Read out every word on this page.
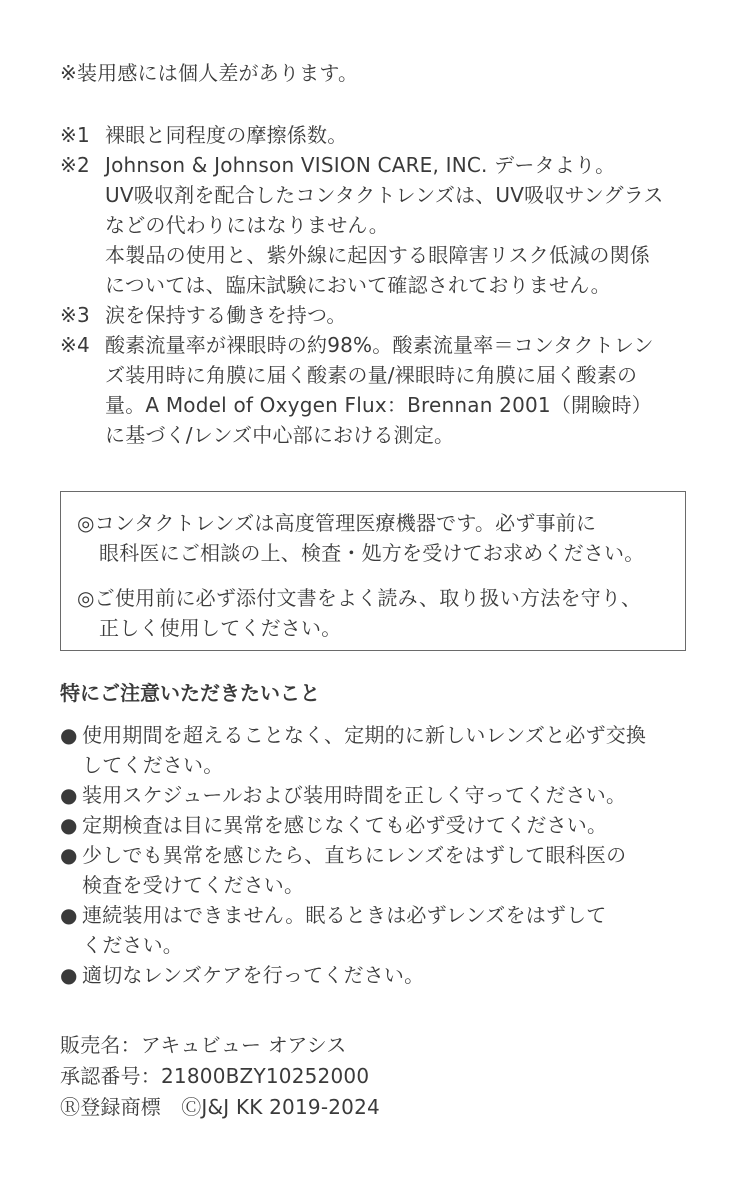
※装用感には個人差があります。
※1 裸眼と同程度の摩擦係数。
※2 Johnson & Johnson VISION CARE, INC. データより。
UV吸収剤を配合したコンタクトレンズは、UV吸収サングラス
などの代わりにはなりません。
本製品の使用と、紫外線に起因する眼障害リスク低減の関係
については、臨床試験において確認されておりません。
※3 涙を保持する働きを持つ。
※4 酸素流量率が裸眼時の約98%。酸素流量率＝コンタクトレン
ズ装用時に角膜に届く酸素の量/裸眼時に角膜に届く酸素の
量。A Model of Oxygen Flux：Brennan 2001（開瞼時）
に基づく/レンズ中心部における測定。
◎コンタクトレンズは高度管理医療機器です。必ず事前に
眼科医にご相談の上、検査・処方を受けてお求めください。
◎ご使用前に必ず添付文書をよく読み、取り扱い方法を守り、
正しく使用してください。
特にご注意いただきたいこと
● 使用期間を超えることなく、定期的に新しいレンズと必ず交換
してください。
● 装用スケジュールおよび装用時間を正しく守ってください。
● 定期検査は目に異常を感じなくても必ず受けてください。
● 少しでも異常を感じたら、直ちにレンズをはずして眼科医の
検査を受けてください。
● 連続装用はできません。眠るときは必ずレンズをはずして
ください。
● 適切なレンズケアを行ってください。
販売名：アキュビュー オアシス
承認番号：21800BZY10252000
Ⓡ登録商標　ⒸJ&J KK 2019-2024
